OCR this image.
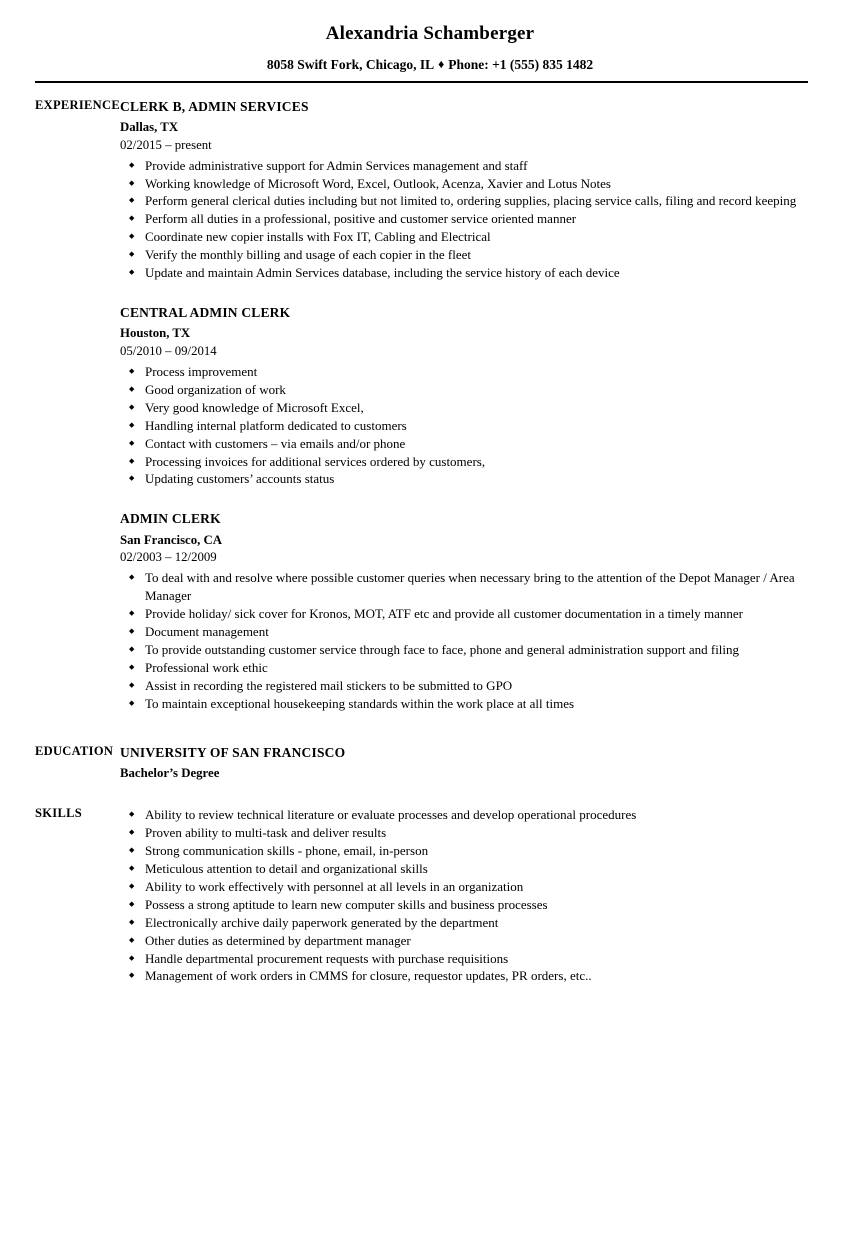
Alexandria Schamberger
8058 Swift Fork, Chicago, IL ♦ Phone: +1 (555) 835 1482
EXPERIENCE CLERK B, ADMIN SERVICES
Dallas, TX
02/2015 – present
◆ Provide administrative support for Admin Services management and staff
◆ Working knowledge of Microsoft Word, Excel, Outlook, Acenza, Xavier and Lotus Notes
◆ Perform general clerical duties including but not limited to, ordering supplies, placing service calls, filing and record keeping
◆ Perform all duties in a professional, positive and customer service oriented manner
◆ Coordinate new copier installs with Fox IT, Cabling and Electrical
◆ Verify the monthly billing and usage of each copier in the fleet
◆ Update and maintain Admin Services database, including the service history of each device
CENTRAL ADMIN CLERK
Houston, TX
05/2010 – 09/2014
◆ Process improvement
◆ Good organization of work
◆ Very good knowledge of Microsoft Excel,
◆ Handling internal platform dedicated to customers
◆ Contact with customers – via emails and/or phone
◆ Processing invoices for additional services ordered by customers,
◆ Updating customers’ accounts status
ADMIN CLERK
San Francisco, CA
02/2003 – 12/2009
◆ To deal with and resolve where possible customer queries when necessary bring to the attention of the Depot Manager / Area Manager
◆ Provide holiday/ sick cover for Kronos, MOT, ATF etc and provide all customer documentation in a timely manner
◆ Document management
◆ To provide outstanding customer service through face to face, phone and general administration support and filing
◆ Professional work ethic
◆ Assist in recording the registered mail stickers to be submitted to GPO
◆ To maintain exceptional housekeeping standards within the work place at all times
EDUCATION UNIVERSITY OF SAN FRANCISCO
Bachelor’s Degree
SKILLS	◆ Ability to review technical literature or evaluate processes and develop operational procedures
◆ Proven ability to multi-task and deliver results
◆ Strong communication skills - phone, email, in-person
◆ Meticulous attention to detail and organizational skills
◆ Ability to work effectively with personnel at all levels in an organization
◆ Possess a strong aptitude to learn new computer skills and business processes
◆ Electronically archive daily paperwork generated by the department
◆ Other duties as determined by department manager
◆ Handle departmental procurement requests with purchase requisitions
◆ Management of work orders in CMMS for closure, requestor updates, PR orders, etc..
